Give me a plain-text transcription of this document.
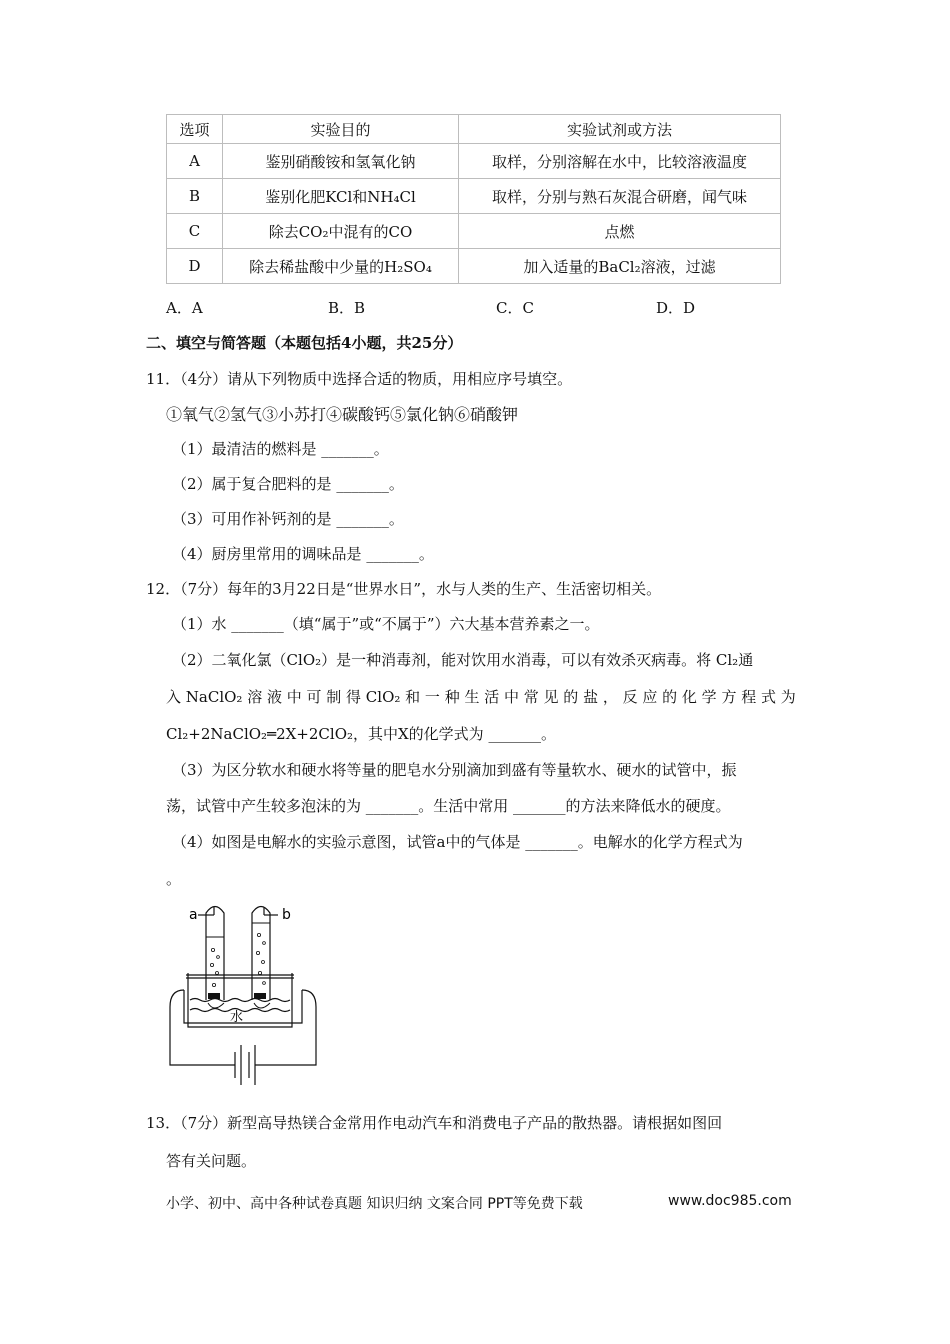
选项	实验目的	实验试剂或方法
A	鉴别硝酸铵和氢氧化钠	取样，分别溶解在水中，比较溶液温度
B	鉴别化肥KCl和NH₄Cl	取样，分别与熟石灰混合研磨，闻气味
C	除去CO₂中混有的CO	点燃
D	除去稀盐酸中少量的H₂SO₄	加入适量的BaCl₂溶液，过滤
A．A	B．B	C．C	D．D
二、填空与简答题（本题包括4小题，共25分）
11．（4分）请从下列物质中选择合适的物质，用相应序号填空。
①氧气②氢气③小苏打④碳酸钙⑤氯化钠⑥硝酸钾
（1）最清洁的燃料是 _______。
（2）属于复合肥料的是 _______。
（3）可用作补钙剂的是 _______。
（4）厨房里常用的调味品是 _______。
12．（7分）每年的3月22日是“世界水日”，水与人类的生产、生活密切相关。
（1）水 _______（填“属于”或“不属于”）六大基本营养素之一。
（2）二氧化氯（ClO₂）是一种消毒剂，能对饮用水消毒，可以有效杀灭病毒。将 Cl₂通
入 NaClO₂ 溶 液 中 可 制 得 ClO₂ 和 一 种 生 活 中 常 见 的 盐 ， 反 应 的 化 学 方 程 式 为
Cl₂+2NaClO₂═2X+2ClO₂，其中X的化学式为 _______。
（3）为区分软水和硬水将等量的肥皂水分别滴加到盛有等量软水、硬水的试管中，振
荡，试管中产生较多泡沫的为 _______。生活中常用 _______的方法来降低水的硬度。
（4）如图是电解水的实验示意图，试管a中的气体是 _______。电解水的化学方程式为
。
a	b
水
13．（7分）新型高导热镁合金常用作电动汽车和消费电子产品的散热器。请根据如图回
答有关问题。
小学、初中、高中各种试卷真题 知识归纳 文案合同 PPT等免费下载	www.doc985.com
